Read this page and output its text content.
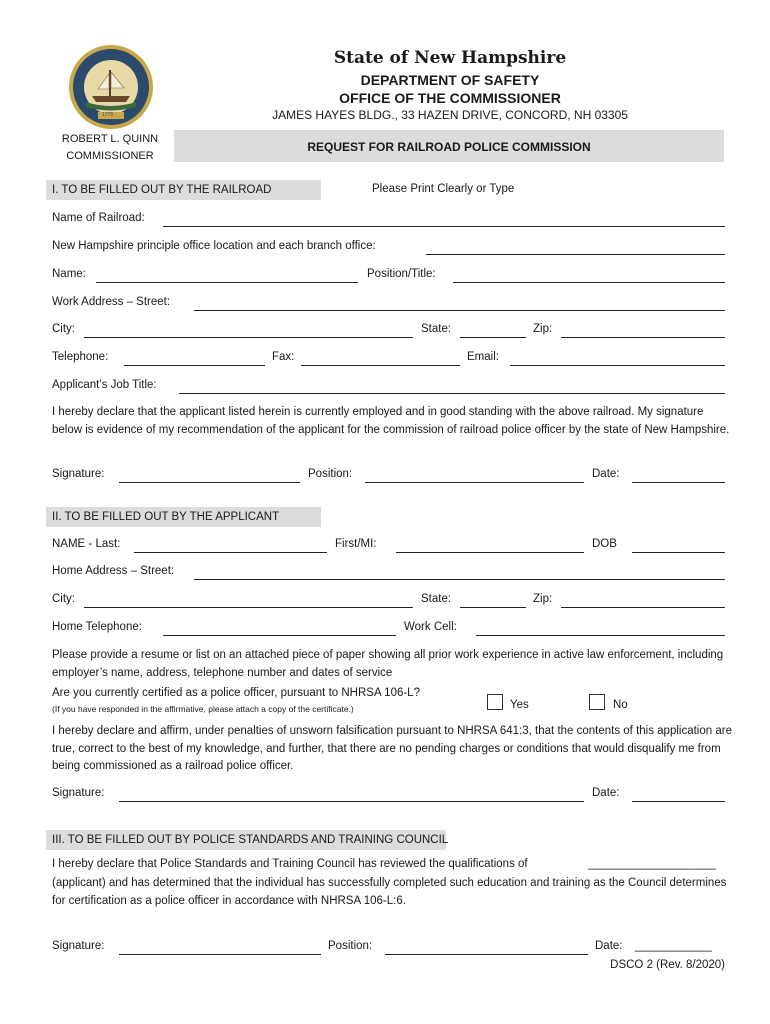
1776
State of New Hampshire
DEPARTMENT OF SAFETY
OFFICE OF THE COMMISSIONER
JAMES HAYES BLDG., 33 HAZEN DRIVE, CONCORD, NH 03305
ROBERT L. QUINN
COMMISSIONER
REQUEST FOR RAILROAD POLICE COMMISSION
I. TO BE FILLED OUT BY THE RAILROAD	Please Print Clearly or Type
Name of Railroad:
New Hampshire principle office location and each branch office:
Name:	Position/Title:
Work Address – Street:
City:	State:	Zip:
Telephone:	Fax:	Email:
Applicant’s Job Title:
I hereby declare that the applicant listed herein is currently employed and in good standing with the above railroad. My signature below is evidence of my recommendation of the applicant for the commission of railroad police officer by the state of New Hampshire.
Signature:	Position:	Date:
II. TO BE FILLED OUT BY THE APPLICANT
NAME - Last:	First/MI:	DOB
Home Address – Street:
City:	State:	Zip:
Home Telephone:	Work Cell:
Please provide a resume or list on an attached piece of paper showing all prior work experience in active law enforcement, including employer’s name, address, telephone number and dates of service
Are you currently certified as a police officer, pursuant to NHRSA 106-L?
(If you have responded in the affirmative, please attach a copy of the certificate.)	Yes	No
I hereby declare and affirm, under penalties of unsworn falsification pursuant to NHRSA 641:3, that the contents of this application are true, correct to the best of my knowledge, and further, that there are no pending charges or conditions that would disqualify me from being commissioned as a railroad police officer.
Signature:	Date:
III. TO BE FILLED OUT BY POLICE STANDARDS AND TRAINING COUNCIL
I hereby declare that Police Standards and Training Council has reviewed the qualifications of	____________________
(applicant) and has determined that the individual has successfully completed such education and training as the Council determines for certification as a police officer in accordance with NHRSA 106-L:6.
Signature:	Position:	Date: ____________
DSCO 2 (Rev. 8/2020)
